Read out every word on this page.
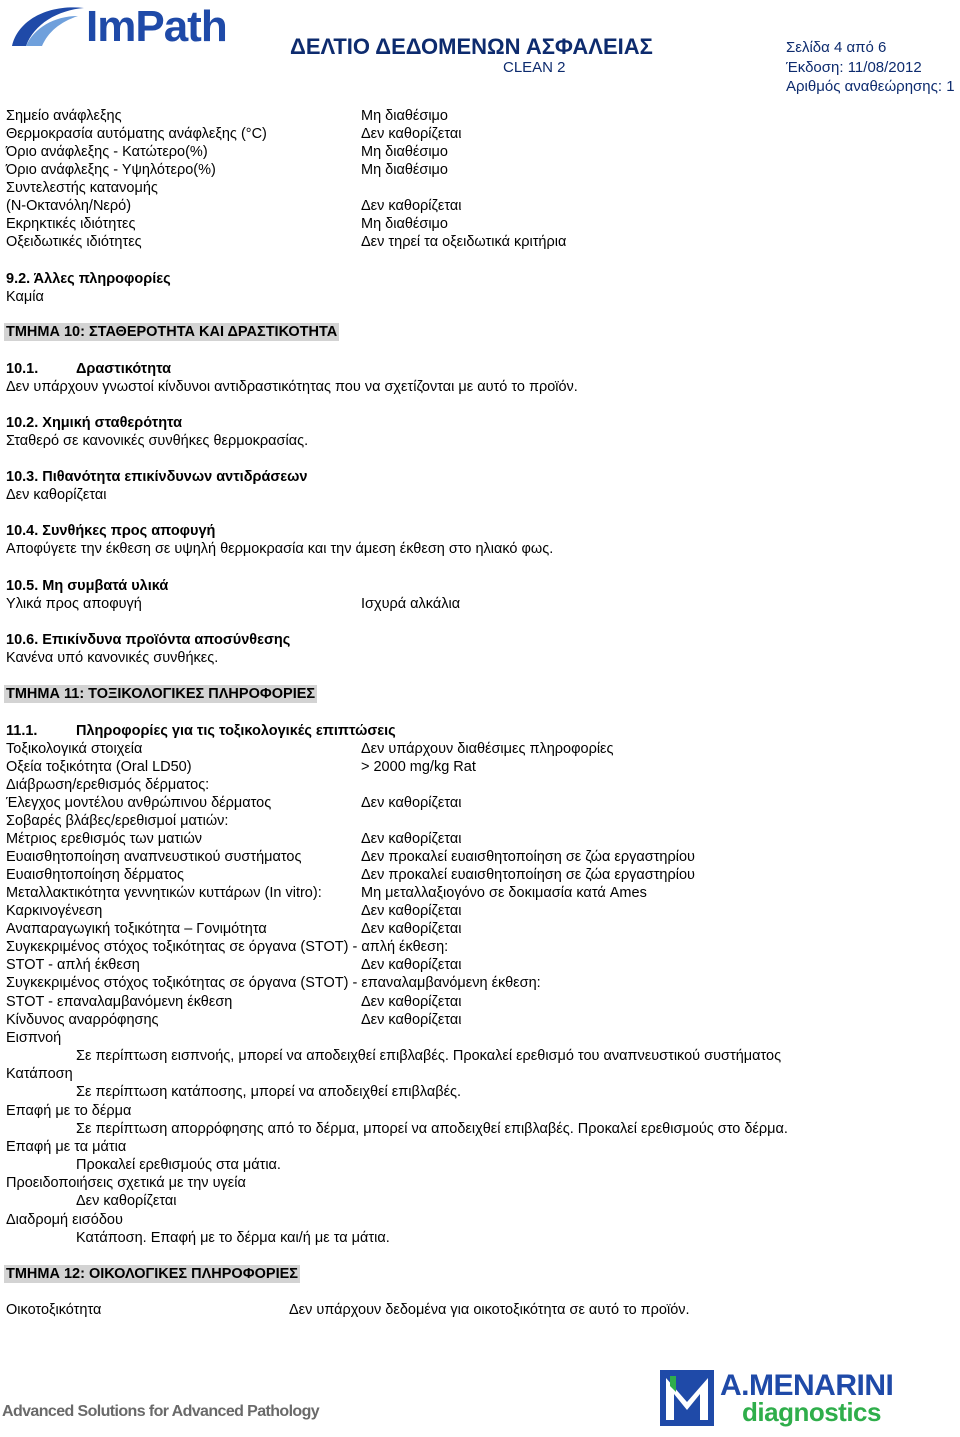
ImPath	ΔΕΛΤΙΟ ΔΕΔΟΜΕΝΩΝ ΑΣΦΑΛΕΙΑΣ
CLEAN 2
Σελίδα 4 από 6
Έκδοση: 11/08/2012
Αριθμός αναθεώρησης: 1
Σημείο ανάφλεξης	Μη διαθέσιμο
Θερμοκρασία αυτόματης ανάφλεξης (°C)	Δεν καθορίζεται
Όριο ανάφλεξης - Κατώτερο(%)	Μη διαθέσιμο
Όριο ανάφλεξης - Υψηλότερο(%)	Μη διαθέσιμο
Συντελεστής κατανομής
(N-Οκτανόλη/Νερό)	Δεν καθορίζεται
Εκρηκτικές ιδιότητες	Μη διαθέσιμο
Οξειδωτικές ιδιότητες	Δεν τηρεί τα οξειδωτικά κριτήρια
9.2. Άλλες πληροφορίες
Καμία
ΤΜΗΜΑ 10: ΣΤΑΘΕΡΟΤΗΤΑ ΚΑΙ ΔΡΑΣΤΙΚΟΤΗΤΑ
10.1.	Δραστικότητα
Δεν υπάρχουν γνωστοί κίνδυνοι αντιδραστικότητας που να σχετίζονται με αυτό το προϊόν.
10.2. Χημική σταθερότητα
Σταθερό σε κανονικές συνθήκες θερμοκρασίας.
10.3. Πιθανότητα επικίνδυνων αντιδράσεων
Δεν καθορίζεται
10.4. Συνθήκες προς αποφυγή
Αποφύγετε την έκθεση σε υψηλή θερμοκρασία και την άμεση έκθεση στο ηλιακό φως.
10.5. Μη συμβατά υλικά
Υλικά προς αποφυγή	Ισχυρά αλκάλια
10.6. Επικίνδυνα προϊόντα αποσύνθεσης
Κανένα υπό κανονικές συνθήκες.
ΤΜΗΜΑ 11: ΤΟΞΙΚΟΛΟΓΙΚΕΣ ΠΛΗΡΟΦΟΡΙΕΣ
11.1.	Πληροφορίες για τις τοξικολογικές επιπτώσεις
Τοξικολογικά στοιχεία	Δεν υπάρχουν διαθέσιμες πληροφορίες
Οξεία τοξικότητα (Oral LD50)	> 2000 mg/kg Rat
Διάβρωση/ερεθισμός δέρματος:
Έλεγχος μοντέλου ανθρώπινου δέρματος	Δεν καθορίζεται
Σοβαρές βλάβες/ερεθισμοί ματιών:
Μέτριος ερεθισμός των ματιών	Δεν καθορίζεται
Ευαισθητοποίηση αναπνευστικού συστήματος	Δεν προκαλεί ευαισθητοποίηση σε ζώα εργαστηρίου
Ευαισθητοποίηση δέρματος	Δεν προκαλεί ευαισθητοποίηση σε ζώα εργαστηρίου
Μεταλλακτικότητα γεννητικών κυττάρων (In vitro):	Μη μεταλλαξιογόνο σε δοκιμασία κατά Ames
Καρκινογένεση	Δεν καθορίζεται
Αναπαραγωγική τοξικότητα – Γονιμότητα	Δεν καθορίζεται
Συγκεκριμένος στόχος τοξικότητας σε όργανα (STOT) - απλή έκθεση:
STOT - απλή έκθεση	Δεν καθορίζεται
Συγκεκριμένος στόχος τοξικότητας σε όργανα (STOT) - επαναλαμβανόμενη έκθεση:
STOT - επαναλαμβανόμενη έκθεση	Δεν καθορίζεται
Κίνδυνος αναρρόφησης	Δεν καθορίζεται
Εισπνοή
Σε περίπτωση εισπνοής, μπορεί να αποδειχθεί επιβλαβές. Προκαλεί ερεθισμό του αναπνευστικού συστήματος
Κατάποση
Σε περίπτωση κατάποσης, μπορεί να αποδειχθεί επιβλαβές.
Επαφή με το δέρμα
Σε περίπτωση απορρόφησης από το δέρμα, μπορεί να αποδειχθεί επιβλαβές. Προκαλεί ερεθισμούς στο δέρμα.
Επαφή με τα μάτια
Προκαλεί ερεθισμούς στα μάτια.
Προειδοποιήσεις σχετικά με την υγεία
Δεν καθορίζεται
Διαδρομή εισόδου
Κατάποση. Επαφή με το δέρμα και/ή με τα μάτια.
ΤΜΗΜΑ 12: ΟΙΚΟΛΟΓΙΚΕΣ ΠΛΗΡΟΦΟΡΙΕΣ
Οικοτοξικότητα	Δεν υπάρχουν δεδομένα για οικοτοξικότητα σε αυτό το προϊόν.
Advanced Solutions for Advanced Pathology
A.MENARINI
diagnostics
